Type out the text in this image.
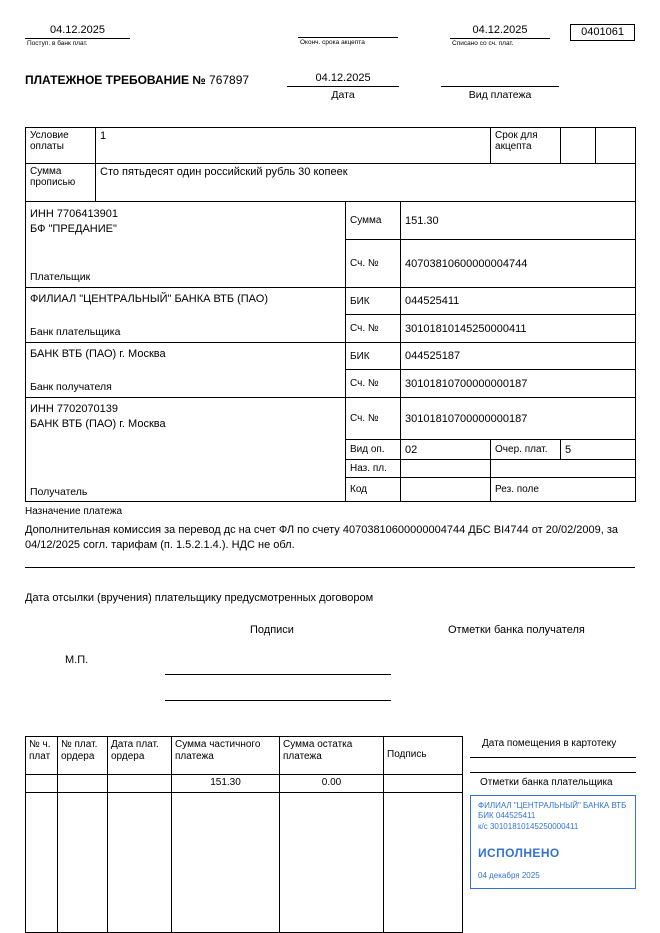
04.12.2025
Поступ. в банк плат.	Оконч. срока акцепта
04.12.2025
Списано со сч. плат.
0401061
ПЛАТЕЖНОЕ ТРЕБОВАНИЕ № 767897	04.12.2025
Дата	Вид платежа
Условие оплаты	1			Срок для акцепта		
Сумма прописью	Сто пятьдесят один российский рубль 30 копеек					

ИНН 7706413901
БФ "ПРЕДАНИЕ"
Плательщик		Сумма	151.30			
		Сч. №	40703810600000004744			

ФИЛИАЛ "ЦЕНТРАЛЬНЫЙ" БАНКА ВТБ (ПАО)
Банк плательщика		БИК	044525411			
		Сч. №	30101810145250000411			

БАНК ВТБ (ПАО) г. Москва
Банк получателя		БИК	044525187			
		Сч. №	30101810700000000187			

ИНН 7702070139
БАНК ВТБ (ПАО) г. Москва
Получатель		Сч. №	30101810700000000187			
		Вид оп.	02	Очер. плат.	5	
		Наз. пл.				
		Код		Рез. поле		
Назначение платежа
Дополнительная комиссия за перевод дс на счет ФЛ по счету 40703810600000004744 ДБС BI4744 от 20/02/2009, за 04/12/2025 согл. тарифам (п. 1.5.2.1.4.). НДС не обл.
Дата отсылки (вручения) плательщику предусмотренных договором
Подписи	Отметки банка получателя
М.П.
№ ч. плат	№ плат. ордера	Дата плат. ордера	Сумма частичного платежа	Сумма остатка платежа	Подпись
			151.30	0.00	

Дата помещения в картотеку
Отметки банка плательщика
ФИЛИАЛ "ЦЕНТРАЛЬНЫЙ" БАНКА ВТБ
БИК 044525411
к/с 30101810145250000411
ИСПОЛНЕНО
04 декабря 2025
